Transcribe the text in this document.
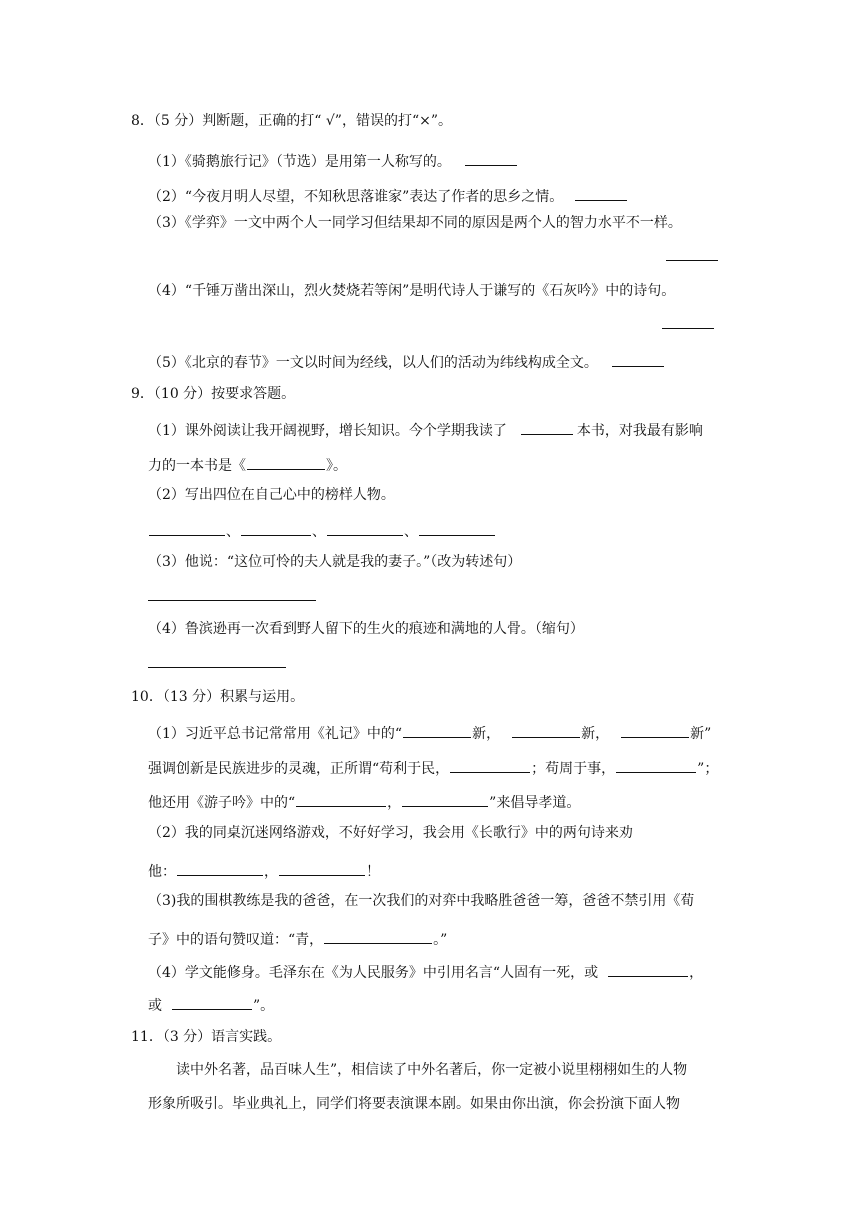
8．（5 分）判断题，正确的打“ √”，错误的打“×”。
（1）《骑鹅旅行记》（节选）是用第一人称写的。
（2）“今夜月明人尽望，不知秋思落谁家”表达了作者的思乡之情。
（3）《学弈》一文中两个人一同学习但结果却不同的原因是两个人的智力水平不一样。
（4）“千锤万凿出深山，烈火焚烧若等闲”是明代诗人于谦写的《石灰吟》中的诗句。
（5）《北京的春节》一文以时间为经线，以人们的活动为纬线构成全文。
9．（10 分）按要求答题。
（1）课外阅读让我开阔视野，增长知识。今个学期我读了	本书，对我最有影响
力的一本书是《	》。
（2）写出四位在自己心中的榜样人物。
、	、	、
（3）他说：“这位可怜的夫人就是我的妻子。”（改为转述句）
（4）鲁滨逊再一次看到野人留下的生火的痕迹和满地的人骨。（缩句）
10．（13 分）积累与运用。
（1）习近平总书记常常用《礼记》中的“	新，	新，	新”
强调创新是民族进步的灵魂，正所谓“苟利于民，	；苟周于事，	”；
他还用《游子吟》中的“	，	”来倡导孝道。
（2）我的同桌沉迷网络游戏，不好好学习，我会用《长歌行》中的两句诗来劝
他：	，	！
（3)我的围棋教练是我的爸爸，在一次我们的对弈中我略胜爸爸一筹，爸爸不禁引用《荀
子》中的语句赞叹道：“青，	。”
（4）学文能修身。毛泽东在《为人民服务》中引用名言“人固有一死，或	，
或	”。
11．（3 分）语言实践。
读中外名著，品百味人生”，相信读了中外名著后，你一定被小说里栩栩如生的人物
形象所吸引。毕业典礼上，同学们将要表演课本剧。如果由你出演，你会扮演下面人物
